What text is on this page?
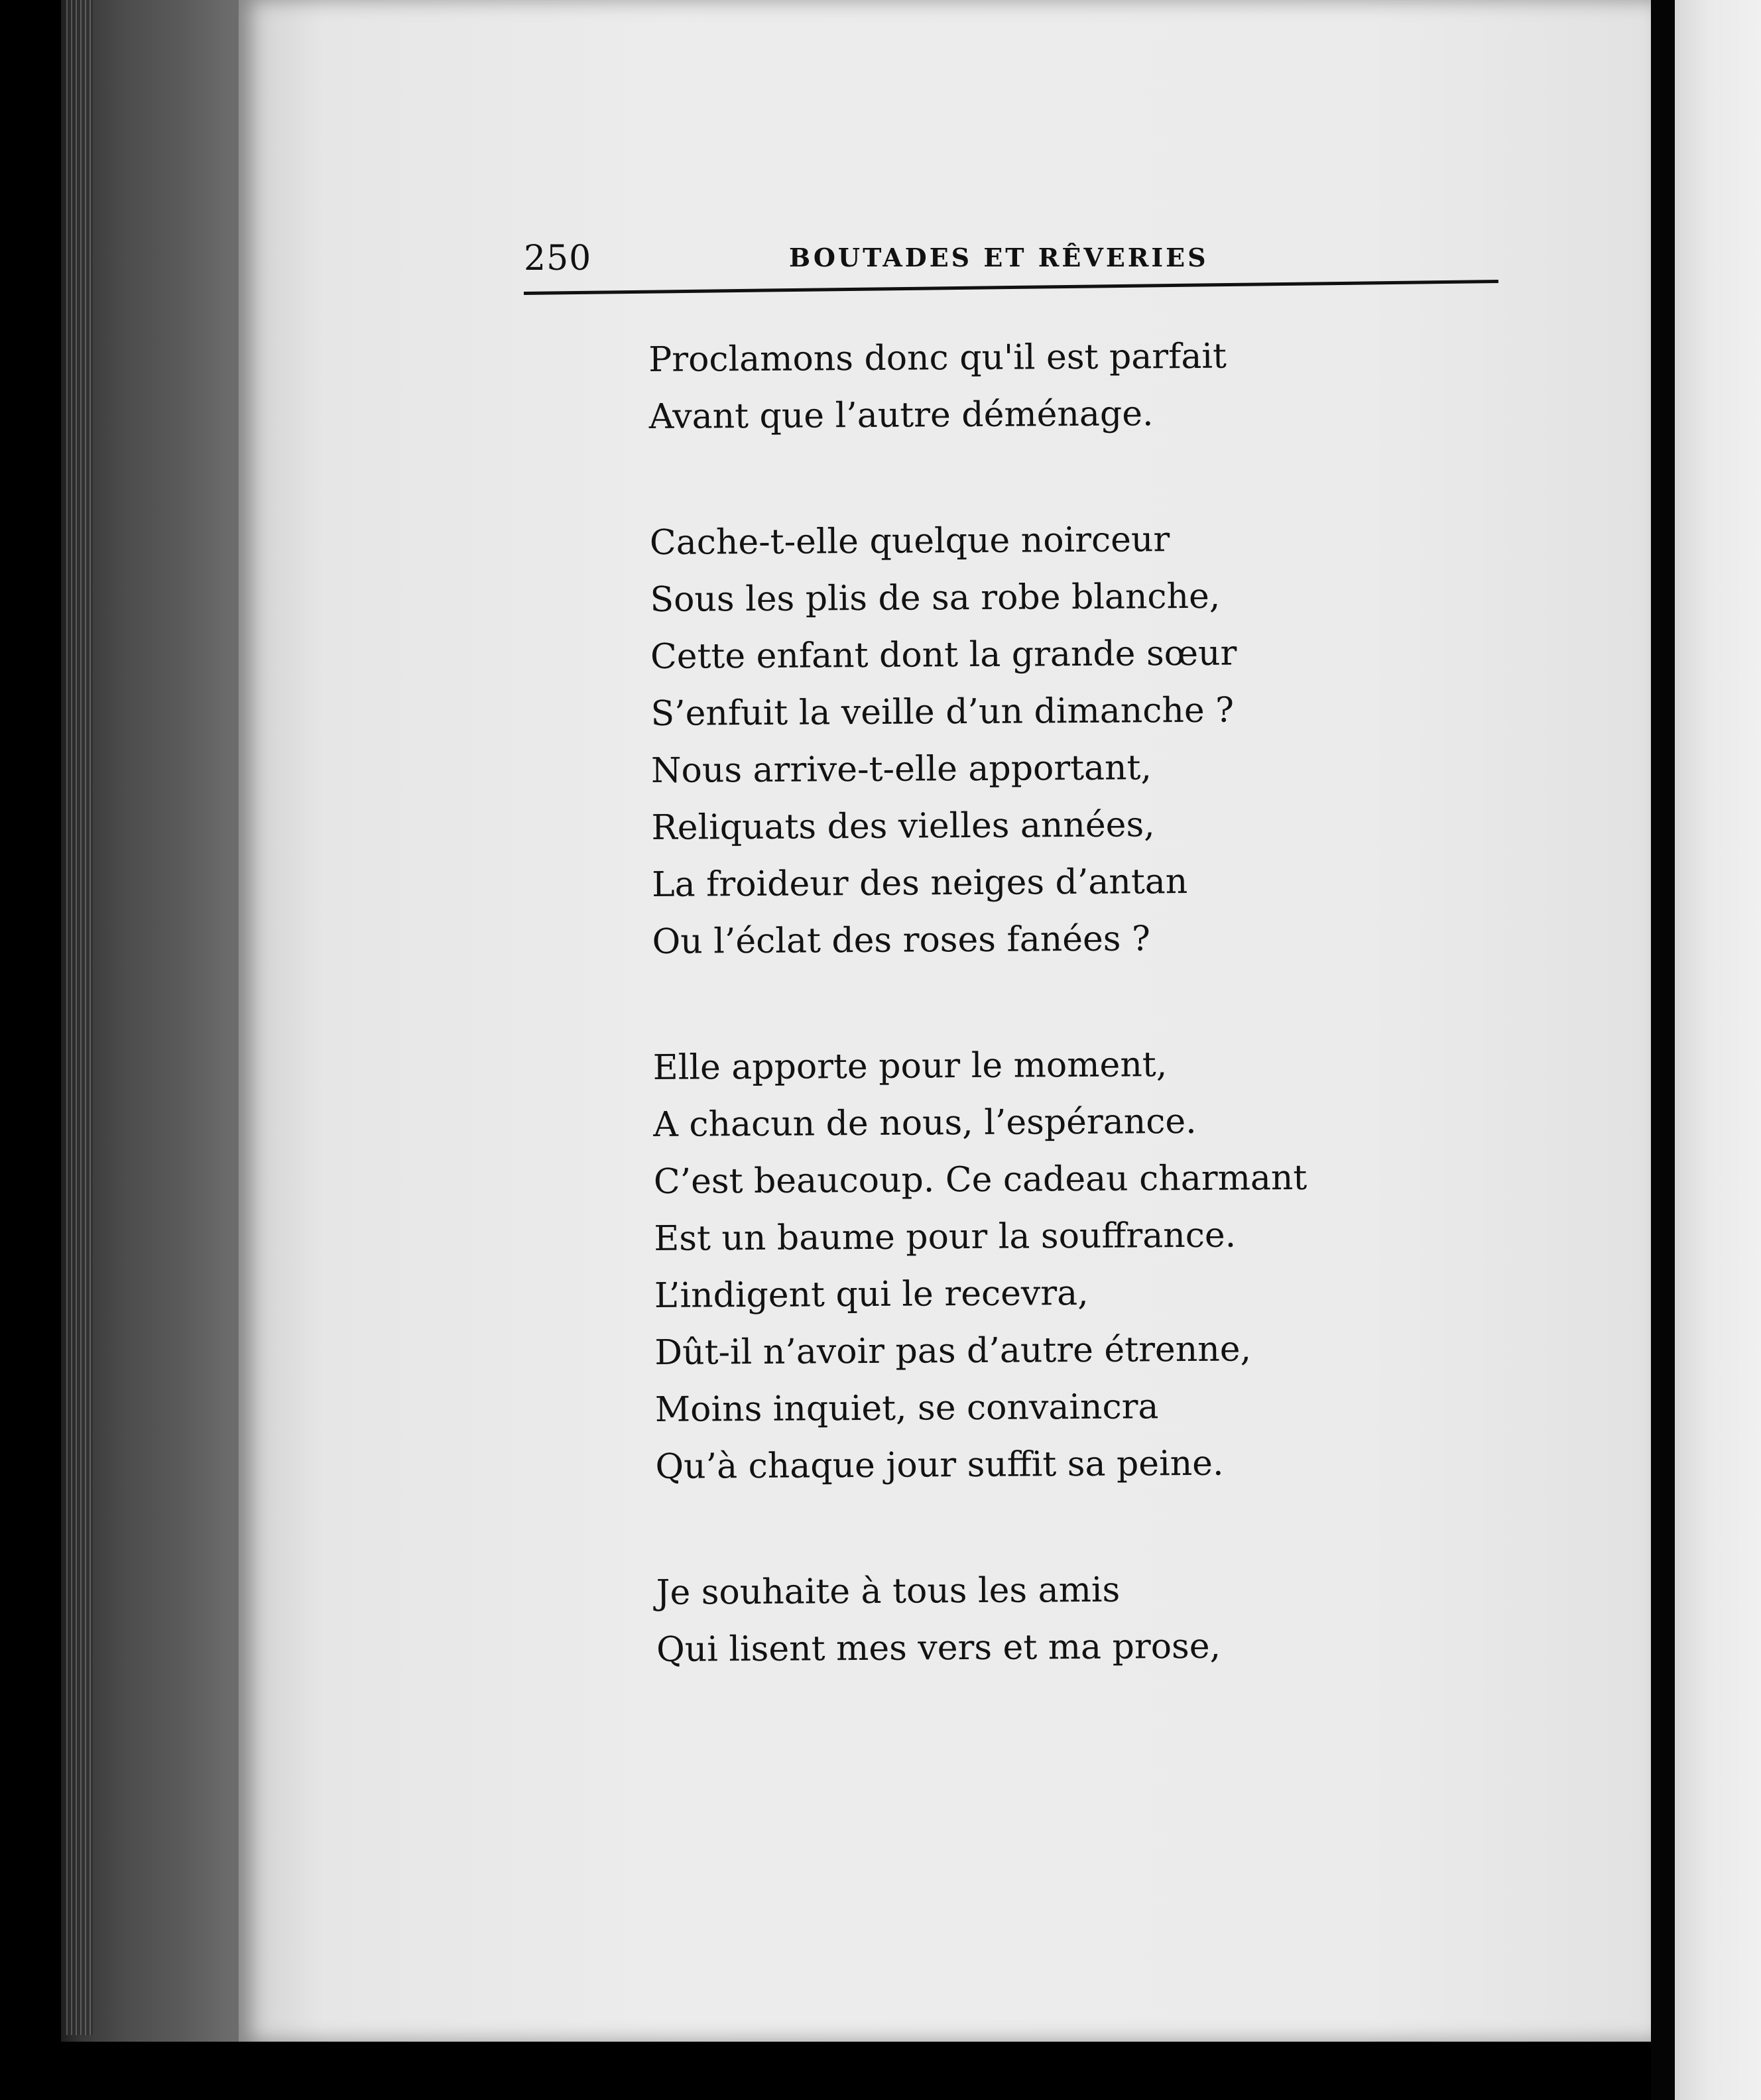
250	BOUTADES ET RÊVERIES
Proclamons donc qu'il est parfait
Avant que l’autre déménage.
Cache-t-elle quelque noirceur
Sous les plis de sa robe blanche,
Cette enfant dont la grande sœur
S’enfuit la veille d’un dimanche ?
Nous arrive-t-elle apportant,
Reliquats des vielles années,
La froideur des neiges d’antan
Ou l’éclat des roses fanées ?
Elle apporte pour le moment,
A chacun de nous, l’espérance.
C’est beaucoup. Ce cadeau charmant
Est un baume pour la souffrance.
L’indigent qui le recevra,
Dût-il n’avoir pas d’autre étrenne,
Moins inquiet, se convaincra
Qu’à chaque jour suffit sa peine.
Je souhaite à tous les amis
Qui lisent mes vers et ma prose,
